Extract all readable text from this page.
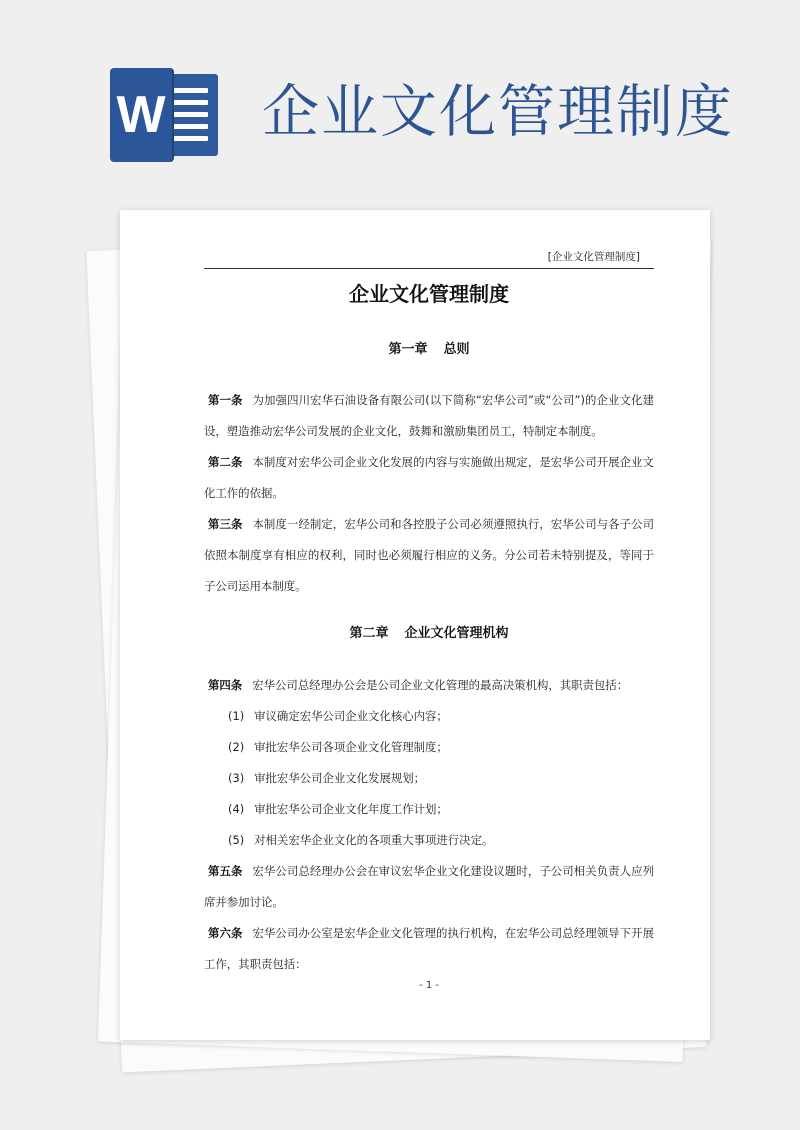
W 企业文化管理制度
[企业文化管理制度]
企业文化管理制度
第一章 总则

第一条 为加强四川宏华石油设备有限公司(以下简称“宏华公司”或“公司”)的企业文化建设，塑造推动宏华公司发展的企业文化，鼓舞和激励集团员工，特制定本制度。

第二条 本制度对宏华公司企业文化发展的内容与实施做出规定，是宏华公司开展企业文化工作的依据。

第三条 本制度一经制定，宏华公司和各控股子公司必须遵照执行，宏华公司与各子公司依照本制度享有相应的权利，同时也必须履行相应的义务。分公司若未特别提及，等同于子公司运用本制度。

第二章 企业文化管理机构

第四条 宏华公司总经理办公会是公司企业文化管理的最高决策机构，其职责包括：

(1) 审议确定宏华公司企业文化核心内容；
(2) 审批宏华公司各项企业文化管理制度；
(3) 审批宏华公司企业文化发展规划；
(4) 审批宏华公司企业文化年度工作计划；
(5) 对相关宏华企业文化的各项重大事项进行决定。

第五条 宏华公司总经理办公会在审议宏华企业文化建设议题时，子公司相关负责人应列席并参加讨论。

第六条 宏华公司办公室是宏华企业文化管理的执行机构，在宏华公司总经理领导下开展工作，其职责包括：

- 1 -
